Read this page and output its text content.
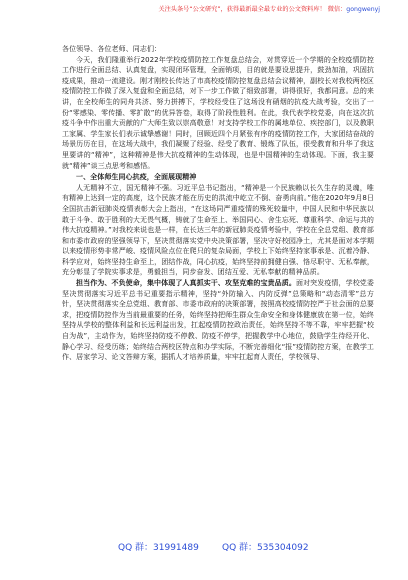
关注头条号“公文研究”，获得最新最全最专业的公文资料库！ 微信：gongwenyj

各位领导、各位老师、同志们：

今天，我们隆重举行2022年学校疫情防控工作复盘总结会，对贯穿近一个学期的全校疫情防控工作进行全面总结、认真复盘，实现闭环管理，全面销项，目的就是要设思提升，鼓劲加油，巩固抗疫成果，推动一流建设。刚才刚校长传达了市高校疫情防控复盘总结会议精神，副校长对我校两校区疫情防控工作做了深入复盘和全面总结，对下一步工作做了细致部署，讲得很好，我都同意。总的来讲，在全校师生的同舟共济、努力拼搏下，学校经受住了这场没有硝烟的抗疫大战考验，交出了一份“零感染、零传播、零扩散”的优异答卷，取得了阶段性胜利。在此，我代表学校党委，向在这次抗疫斗争中作出重大贡献的广大师生致以崇高敬意！对支持学校工作的属地单位、疾控部门，以及教职工家属、学生家长们表示诚挚感谢！同时，回顾近四个月紧张有序的疫情防控工作，大家团结奋战的场景历历在目，在这场大战中，我们凝聚了经验、经受了教育、锻炼了队伍，很受教育和升华了我这里要讲的“精神”，这种精神是伟大抗疫精神的生动体现，也是中国精神的生动体现。下面，我主要就“精神”谈三点思考和感悟。

一、全体师生同心抗疫，全面展现精神

人无精神不立，国无精神不强。习近平总书记指出，“精神是一个民族赖以长久生存的灵魂，唯有精神上达到一定的高度，这个民族才能在历史的洪流中屹立不倒、奋勇向前。”他在2020年9月8日全国抗击新冠肺炎疫情表彰大会上指出，“在这场同严重疫情的殊死较量中，中国人民和中华民族以敢于斗争、敢于胜利的大无畏气概，铸就了生命至上、举国同心、舍生忘死、尊重科学、命运与共的伟大抗疫精神。”对我校来说也是一样，在长达三年的新冠肺炎疫情考验中，学校在全总党组、教育部和市委市政府的坚强领导下，坚决贯彻落实党中央决策部署，坚决守好校园净土，尤其是面对本学期以来疫情形势非常严峻、疫情风险点位在爬只的复杂局面，学校上下始终坚持家事承是、沉着冷静、科学应对，始终坚持生命至上，团结作战，同心抗疫，始终坚持前拥健自强、恪尽职守、无私奉献，充分彰显了学院实事求是，勇毅担当，同步奋发、团结互爱、无私奉献的精神品质。

担当作为、不负使命，集中体现了人真抓实干、攻坚克难的宝贵品质。面对突发疫情，学校党委坚决贯彻落实习近平总书记重要指示精神，坚持“外防输入、内防反弹”总策略和“动态清零”总方针，坚决贯彻落实全总党组、教育部、市委市政府的决策部署，按照高校疫情防控严于社会面的总要求，把疫情防控作为当前最重要的任务，始终坚持把师生群众生命安全和身体健康放在第一位，始终坚持从学校的整体利益和长远利益出发，扛起疫情防控政治责任，始终坚持不等不靠，牢牢把握“校自为战”，主动作为，始终坚持防疫不停教、防疫不停学，把握教学中心地位，鼓励学生待经开化、静心学习、经受历练；始终结合两校区特点和办学实际，不断完善细化“报”疫情防控方案，在教学工作、居家学习、论文答辩方案，据抓人才培养质量，牢牢扛起育人责任，学校领导、

QQ 群：31991489	QQ 群：535304092
